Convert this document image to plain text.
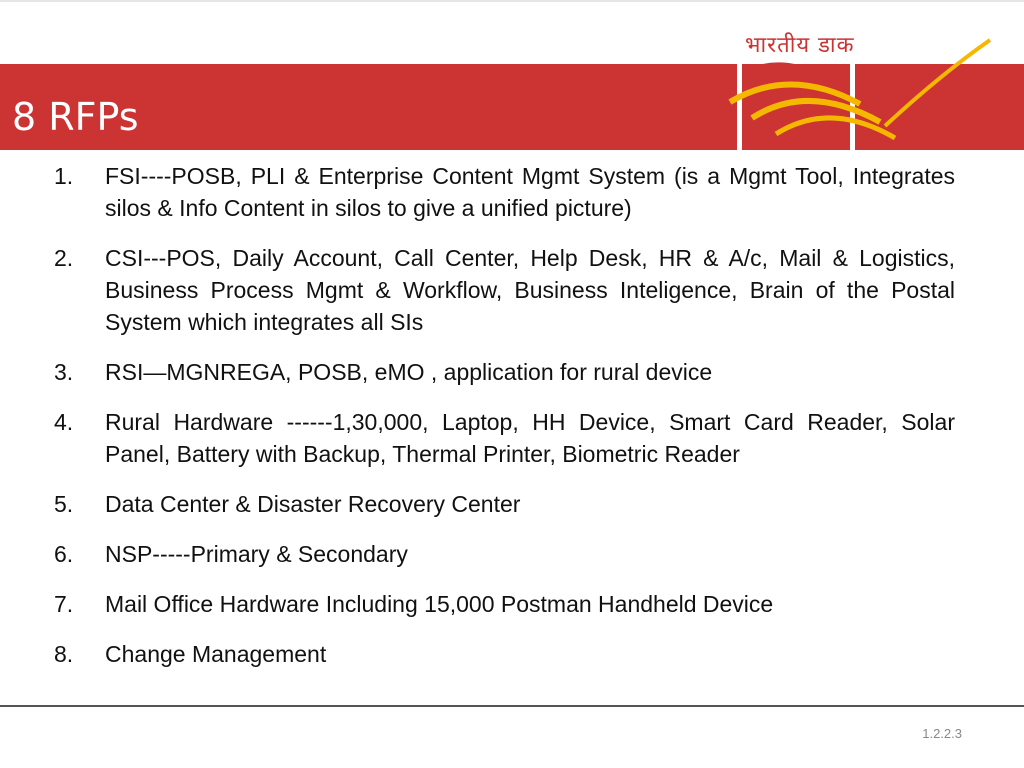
8 RFPs
भारतीय डाक
1. FSI----POSB, PLI & Enterprise Content Mgmt System (is a Mgmt Tool, Integrates silos & Info Content in silos to give a unified picture)
2. CSI---POS, Daily Account, Call Center, Help Desk, HR & A/c, Mail & Logistics, Business Process Mgmt & Workflow, Business Inteligence, Brain of the Postal System which integrates all SIs
3. RSI—MGNREGA, POSB, eMO , application for rural device
4. Rural Hardware ------1,30,000, Laptop, HH Device, Smart Card Reader, Solar Panel, Battery with Backup, Thermal Printer, Biometric Reader
5. Data Center & Disaster Recovery Center
6. NSP-----Primary & Secondary
7. Mail Office Hardware Including 15,000 Postman Handheld Device
8. Change Management
1.2.2.3
